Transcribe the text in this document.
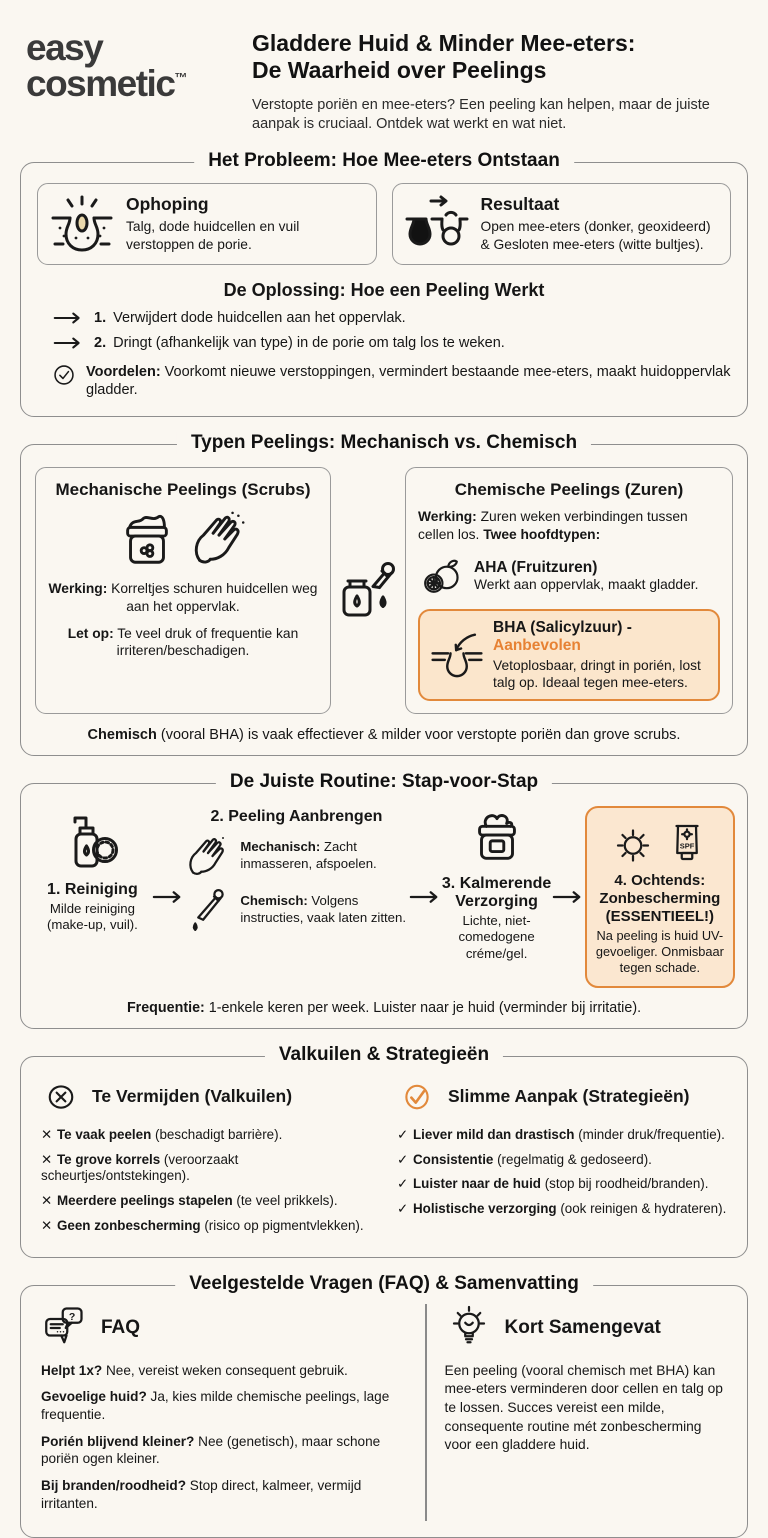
easy
cosmetic™
Gladdere Huid & Minder Mee-eters:
De Waarheid over Peelings
Verstopte poriën en mee-eters? Een peeling kan helpen, maar de juiste aanpak is cruciaal. Ontdek wat werkt en wat niet.
Het Probleem: Hoe Mee-eters Ontstaan
Ophoping
Talg, dode huidcellen en vuil verstoppen de porie.
Resultaat
Open mee-eters (donker, geoxideerd) & Gesloten mee-eters (witte bultjes).
De Oplossing: Hoe een Peeling Werkt
1. Verwijdert dode huidcellen aan het oppervlak.
2. Dringt (afhankelijk van type) in de porie om talg los te weken.
Voordelen: Voorkomt nieuwe verstoppingen, vermindert bestaande mee-eters, maakt huidoppervlak gladder.
Typen Peelings: Mechanisch vs. Chemisch
Mechanische Peelings (Scrubs)
Werking: Korreltjes schuren huidcellen weg aan het oppervlak.
Let op: Te veel druk of frequentie kan irriteren/beschadigen.
Chemische Peelings (Zuren)
Werking: Zuren weken verbindingen tussen cellen los. Twee hoofdtypen:
AHA (Fruitzuren)
Werkt aan oppervlak, maakt gladder.
BHA (Salicylzuur) - Aanbevolen
Vetoplosbaar, dringt in porién, lost talg op. Ideaal tegen mee-eters.
Chemisch (vooral BHA) is vaak effectiever & milder voor verstopte poriën dan grove scrubs.
De Juiste Routine: Stap-voor-Stap
1. Reiniging
Milde reiniging (make-up, vuil).
2. Peeling Aanbrengen
Mechanisch: Zacht inmasseren, afspoelen.
Chemisch: Volgens instructies, vaak laten zitten.
3. Kalmerende Verzorging
Lichte, niet-comedogene créme/gel.
SPF
4. Ochtends: Zonbescherming (ESSENTIEEL!)
Na peeling is huid UV-gevoeliger. Onmisbaar tegen schade.
Frequentie: 1-enkele keren per week. Luister naar je huid (verminder bij irritatie).
Valkuilen & Strategieën
Te Vermijden (Valkuilen)
✕ Te vaak peelen (beschadigt barrière).
✕ Te grove korrels (veroorzaakt scheurtjes/ontstekingen).
✕ Meerdere peelings stapelen (te veel prikkels).
✕ Geen zonbescherming (risico op pigmentvlekken).
Slimme Aanpak (Strategieën)
✓ Liever mild dan drastisch (minder druk/frequentie).
✓ Consistentie (regelmatig & gedoseerd).
✓ Luister naar de huid (stop bij roodheid/branden).
✓ Holistische verzorging (ook reinigen & hydrateren).
Veelgestelde Vragen (FAQ) & Samenvatting
?
FAQ
Helpt 1x? Nee, vereist weken consequent gebruik.
Gevoelige huid? Ja, kies milde chemische peelings, lage frequentie.
Porién blijvend kleiner? Nee (genetisch), maar schone poriën ogen kleiner.
Bij branden/roodheid? Stop direct, kalmeer, vermijd irritanten.
Kort Samengevat
Een peeling (vooral chemisch met BHA) kan mee-eters verminderen door cellen en talg op te lossen. Succes vereist een milde, consequente routine mét zonbescherming voor een gladdere huid.
